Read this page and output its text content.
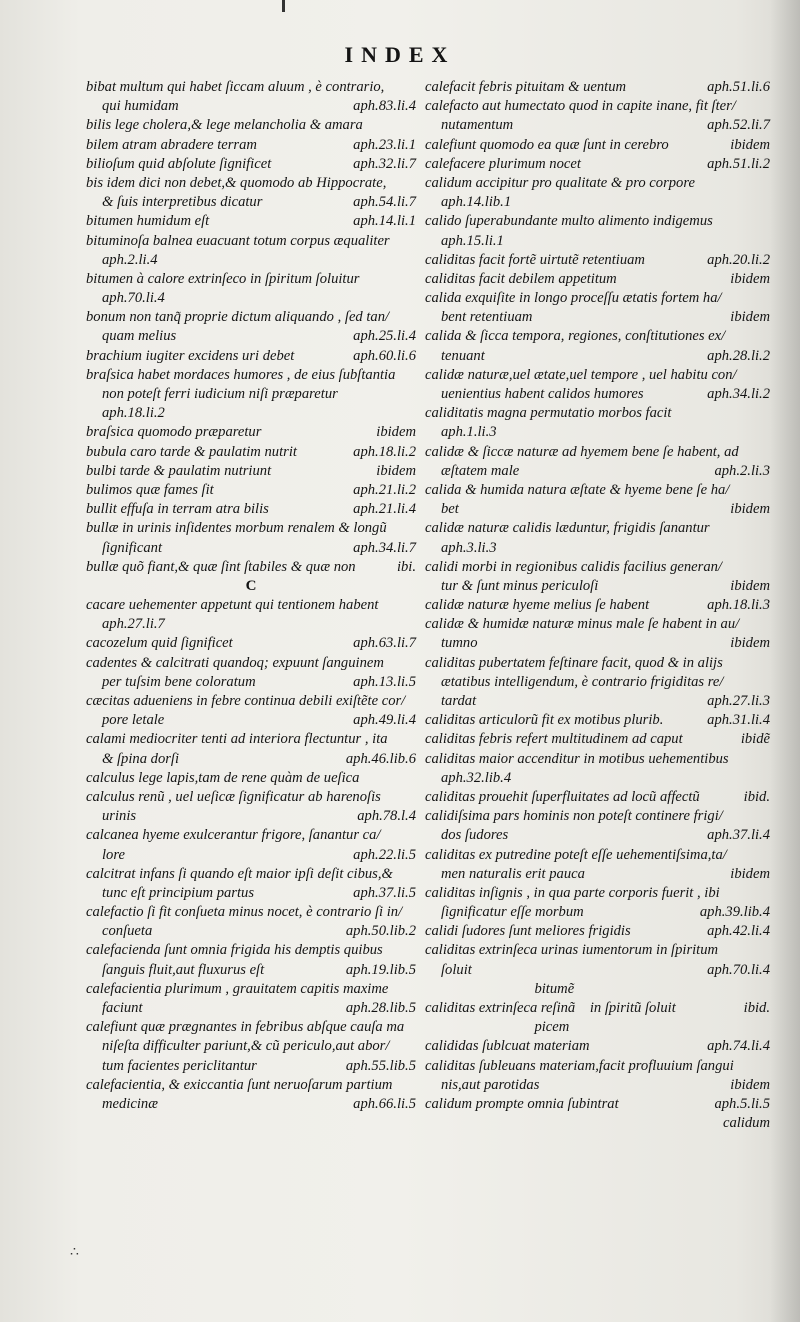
INDEX
bibat multum qui habet ſiccam aluum , è contrario,
qui humidam	aph.83.li.4
bilis lege cholera,& lege melancholia & amara
bilem atram abradere terram	aph.23.li.1
bilioſum quid abſolute ſignificet	aph.32.li.7
bis idem dici non debet,& quomodo ab Hippocrate,
& ſuis interpretibus dicatur	aph.54.li.7
bitumen humidum eſt	aph.14.li.1
bituminoſa balnea euacuant totum corpus æqualiter
aph.2.li.4
bitumen à calore extrinſeco in ſpiritum ſoluitur
aph.70.li.4
bonum non tanq̃ proprie dictum aliquando , ſed tan/
quam melius	aph.25.li.4
brachium iugiter excidens uri debet	aph.60.li.6
braſsica habet mordaces humores , de eius ſubſtantia
non poteſt ferri iudicium niſi præparetur
aph.18.li.2
braſsica quomodo præparetur	ibidem
bubula caro tarde & paulatim nutrit	aph.18.li.2
bulbi tarde & paulatim nutriunt	ibidem
bulimos quæ fames ſit	aph.21.li.2
bullit effuſa in terram atra bilis	aph.21.li.4
bullæ in urinis inſidentes morbum renalem & longũ
ſignificant	aph.34.li.7
bullæ quõ fiant,& quæ ſint ſtabiles & quæ non	ibi.
C
cacare uehementer appetunt qui tentionem habent
aph.27.li.7
cacozelum quid ſignificet	aph.63.li.7
cadentes & calcitrati quandoq; expuunt ſanguinem
per tuſsim bene coloratum	aph.13.li.5
cæcitas adueniens in febre continua debili exiſtẽte cor/
pore letale	aph.49.li.4
calami mediocriter tenti ad interiora flectuntur , ita
& ſpina dorſi	aph.46.lib.6
calculus lege lapis,tam de rene quàm de ueſica
calculus renũ , uel ueſicæ ſignificatur ab harenoſis
urinis	aph.78.l.4
calcanea hyeme exulcerantur frigore, ſanantur ca/
lore	aph.22.li.5
calcitrat infans ſi quando eſt maior ipſi deſit cibus,&
tunc eſt principium partus	aph.37.li.5
calefactio ſi fit conſueta minus nocet, è contrario ſi in/
conſueta	aph.50.lib.2
calefacienda ſunt omnia frigida his demptis quibus
ſanguis fluit,aut fluxurus eſt	aph.19.lib.5
calefacientia plurimum , grauitatem capitis maxime
faciunt	aph.28.lib.5
calefiunt quæ prægnantes in febribus abſque cauſa ma
niſeſta difficulter pariunt,& cũ periculo,aut abor/
tum facientes periclitantur	aph.55.lib.5
calefacientia, & exiccantia ſunt neruoſarum partium
medicinæ	aph.66.li.5
calefacit febris pituitam & uentum	aph.51.li.6
calefacto aut humectato quod in capite inane, fit ſter/
nutamentum	aph.52.li.7
calefiunt quomodo ea quæ ſunt in cerebro	ibidem
calefacere plurimum nocet	aph.51.li.2
calidum accipitur pro qualitate & pro corpore
aph.14.lib.1
calido ſuperabundante multo alimento indigemus
aph.15.li.1
caliditas facit fortẽ uirtutẽ retentiuam	aph.20.li.2
caliditas facit debilem appetitum	ibidem
calida exquiſite in longo proceſſu ætatis fortem ha/
bent retentiuam	ibidem
calida & ſicca tempora, regiones, conſtitutiones ex/
tenuant	aph.28.li.2
calidæ naturæ,uel ætate,uel tempore , uel habitu con/
uenientius habent calidos humores	aph.34.li.2
caliditatis magna permutatio morbos facit
aph.1.li.3
calidæ & ſiccæ naturæ ad hyemem bene ſe habent, ad
æſtatem male	aph.2.li.3
calida & humida natura æſtate & hyeme bene ſe ha/
bet	ibidem
calidæ naturæ calidis læduntur, frigidis ſanantur
aph.3.li.3
calidi morbi in regionibus calidis facilius generan/
tur & ſunt minus periculoſi	ibidem
calidæ naturæ hyeme melius ſe habent	aph.18.li.3
calidæ & humidæ naturæ minus male ſe habent in au/
tumno	ibidem
caliditas pubertatem feſtinare facit, quod & in alijs
ætatibus intelligendum, è contrario frigiditas re/
tardat	aph.27.li.3
caliditas articulorũ fit ex motibus plurib.	aph.31.li.4
caliditas febris refert multitudinem ad caput	ibidẽ
caliditas maior accenditur in motibus uehementibus
aph.32.lib.4
caliditas prouehit ſuperfluitates ad locũ affectũ	ibid.
calidiſsima pars hominis non poteſt continere frigi/
dos ſudores	aph.37.li.4
caliditas ex putredine poteſt eſſe uehementiſsima,ta/
men naturalis erit pauca	ibidem
caliditas inſignis , in qua parte corporis fuerit , ibi
ſignificatur eſſe morbum	aph.39.lib.4
calidi ſudores ſunt meliores frigidis	aph.42.li.4
caliditas extrinſeca urinas iumentorum in ſpiritum
ſoluit	aph.70.li.4
bitumẽ
caliditas extrinſeca reſinã    in ſpiritũ ſoluit	ibid.
picem
calididas ſublcuat materiam	aph.74.li.4
caliditas ſubleuans materiam,facit profluuium ſangui
nis,aut parotidas	ibidem
calidum prompte omnia ſubintrat	aph.5.li.5
calidum
∴
